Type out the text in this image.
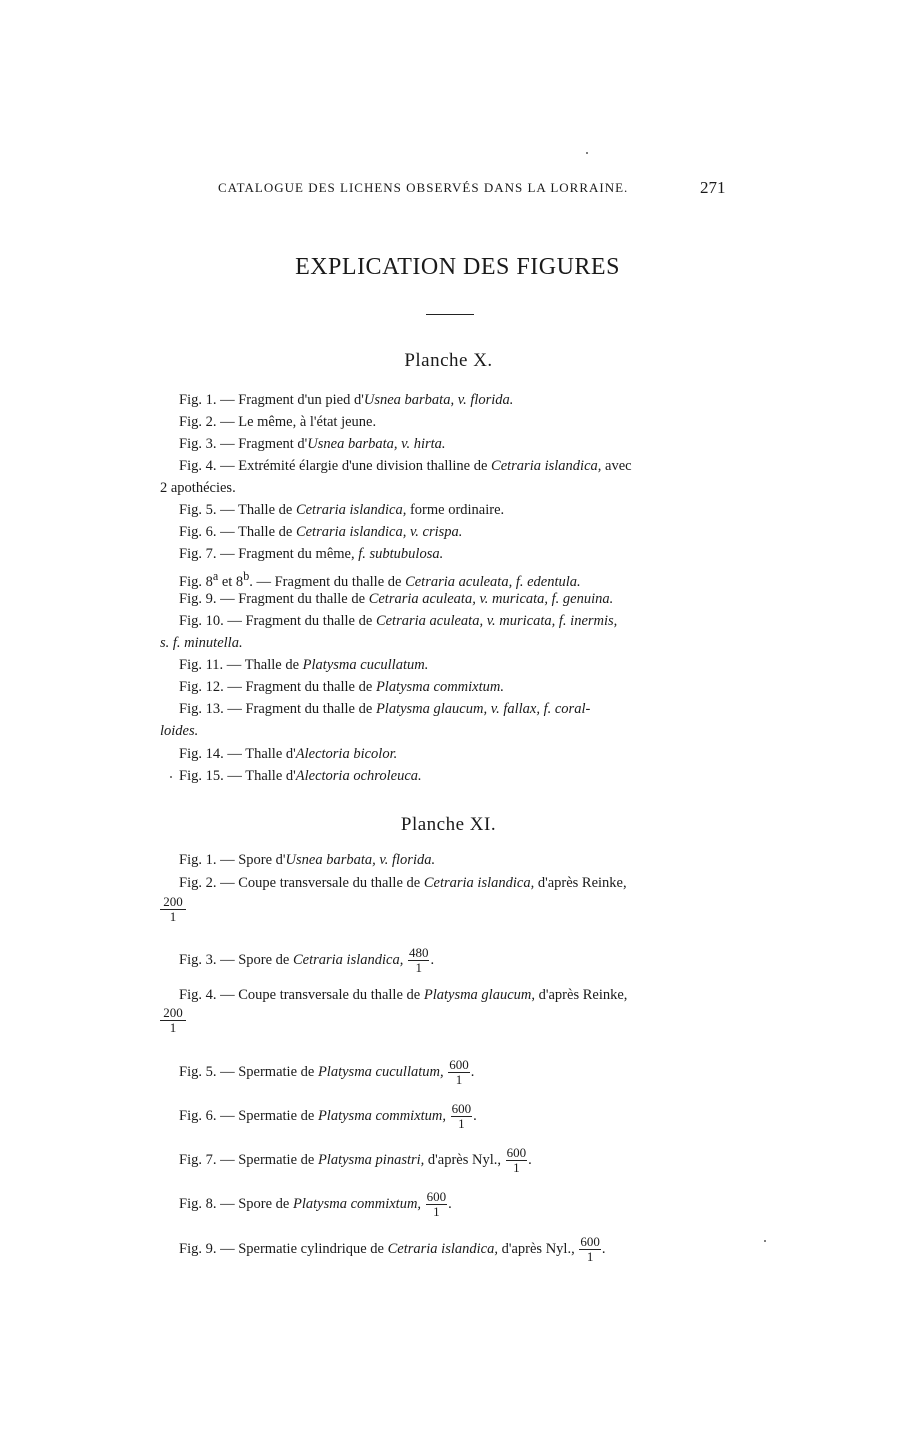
CATALOGUE DES LICHENS OBSERVÉS DANS LA LORRAINE.	271
EXPLICATION DES FIGURES
Planche X.
Fig. 1. — Fragment d'un pied d'Usnea barbata, v. florida.
Fig. 2. — Le même, à l'état jeune.
Fig. 3. — Fragment d'Usnea barbata, v. hirta.
Fig. 4. — Extrémité élargie d'une division thalline de Cetraria islandica, avec
2 apothécies.
Fig. 5. — Thalle de Cetraria islandica, forme ordinaire.
Fig. 6. — Thalle de Cetraria islandica, v. crispa.
Fig. 7. — Fragment du même, f. subtubulosa.
Fig. 8$^a$ et 8$^b$. — Fragment du thalle de Cetraria aculeata, f. edentula.
Fig. 9. — Fragment du thalle de Cetraria aculeata, v. muricata, f. genuina.
Fig. 10. — Fragment du thalle de Cetraria aculeata, v. muricata, f. inermis,
s. f. minutella.
Fig. 11. — Thalle de Platysma cucullatum.
Fig. 12. — Fragment du thalle de Platysma commixtum.
Fig. 13. — Fragment du thalle de Platysma glaucum, v. fallax, f. coral-
loides.
Fig. 14. — Thalle d'Alectoria bicolor.
Fig. 15. — Thalle d'Alectoria ochroleuca.
Planche XI.
Fig. 1. — Spore d'Usnea barbata, v. florida.
Fig. 2. — Coupe transversale du thalle de Cetraria islandica, d'après Reinke,
$\frac{200}{1}$
Fig. 3. — Spore de Cetraria islandica, $\frac{480}{1}$ .
Fig. 4. — Coupe transversale du thalle de Platysma glaucum, d'après Reinke,
$\frac{200}{1}$
Fig. 5. — Spermatie de Platysma cucullatum, $\frac{600}{1}$ .
Fig. 6. — Spermatie de Platysma commixtum, $\frac{600}{1}$ .
Fig. 7. — Spermatie de Platysma pinastri, d'après Nyl., $\frac{600}{1}$ .
Fig. 8. — Spore de Platysma commixtum, $\frac{600}{1}$ .
Fig. 9. — Spermatie cylindrique de Cetraria islandica, d'après Nyl., $\frac{600}{1}$ .
